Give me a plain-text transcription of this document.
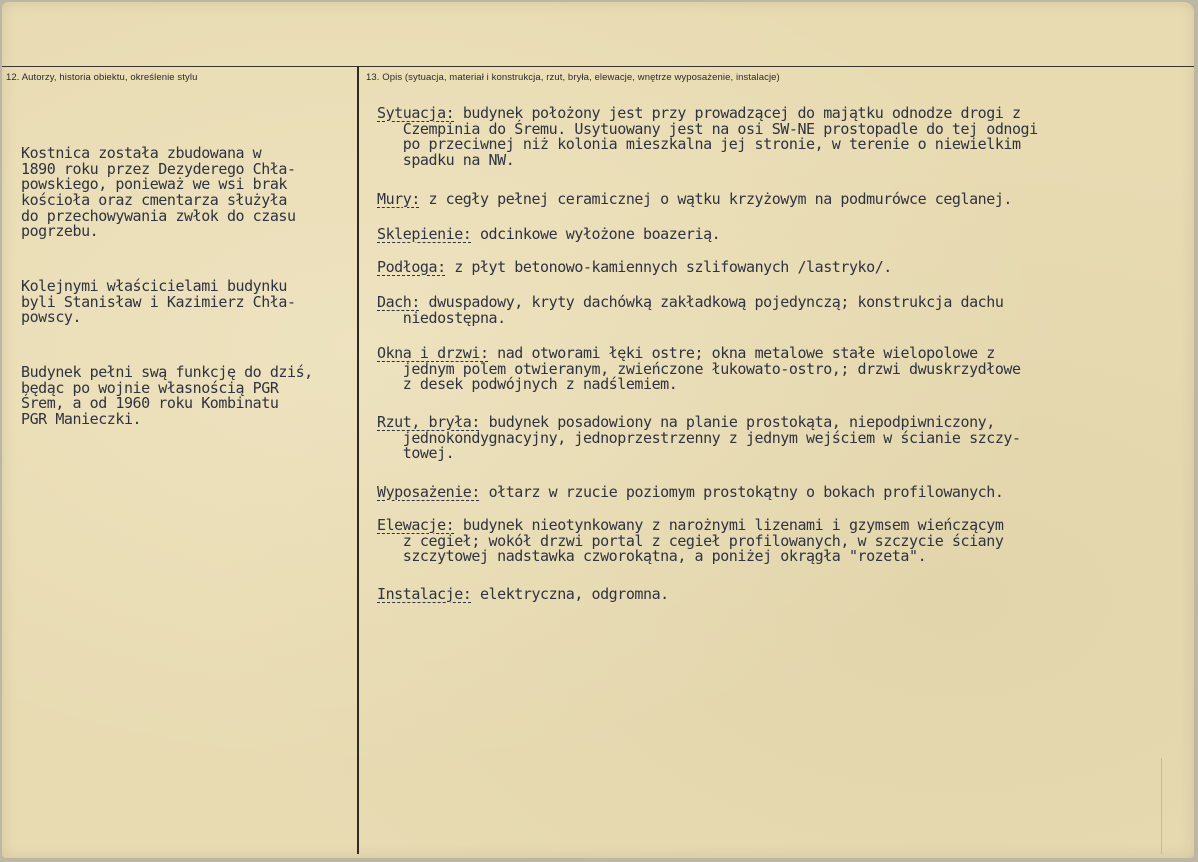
12. Autorzy, historia obiektu, określenie stylu	13. Opis (sytuacja, materiał i konstrukcja, rzut, bryła, elewacje, wnętrze wyposażenie, instalacje)

Kostnica została zbudowana w
1890 roku przez Dezyderego Chła-
powskiego, ponieważ we wsi brak
kościoła oraz cmentarza służyła
do przechowywania zwłok do czasu
pogrzebu.

Kolejnymi właścicielami budynku
byli Stanisław i Kazimierz Chła-
powscy.

Budynek pełni swą funkcję do dziś,
będąc po wojnie własnością PGR
Śrem, a od 1960 roku Kombinatu
PGR Manieczki.

Sytuacja: budynek położony jest przy prowadzącej do majątku odnodze drogi z
Czempinia do Śremu. Usytuowany jest na osi SW-NE prostopadle do tej odnogi
po przeciwnej niż kolonia mieszkalna jej stronie, w terenie o niewielkim
spadku na NW.
Mury: z cegły pełnej ceramicznej o wątku krzyżowym na podmurówce ceglanej.
Sklepienie: odcinkowe wyłożone boazerią.
Podłoga: z płyt betonowo-kamiennych szlifowanych /lastryko/.
Dach: dwuspadowy, kryty dachówką zakładkową pojedynczą; konstrukcja dachu
niedostępna.
Okna i drzwi: nad otworami łęki ostre; okna metalowe stałe wielopolowe z
jednym polem otwieranym, zwieńczone łukowato-ostro,; drzwi dwuskrzydłowe
z desek podwójnych z nadślemiem.
Rzut, bryła: budynek posadowiony na planie prostokąta, niepodpiwniczony,
jednokondygnacyjny, jednoprzestrzenny z jednym wejściem w ścianie szczy-
towej.
Wyposażenie: ołtarz w rzucie poziomym prostokątny o bokach profilowanych.
Elewacje: budynek nieotynkowany z narożnymi lizenami i gzymsem wieńczącym
z cegieł; wokół drzwi portal z cegieł profilowanych, w szczycie ściany
szczytowej nadstawka czworokątna, a poniżej okrągła "rozeta".
Instalacje: elektryczna, odgromna.
